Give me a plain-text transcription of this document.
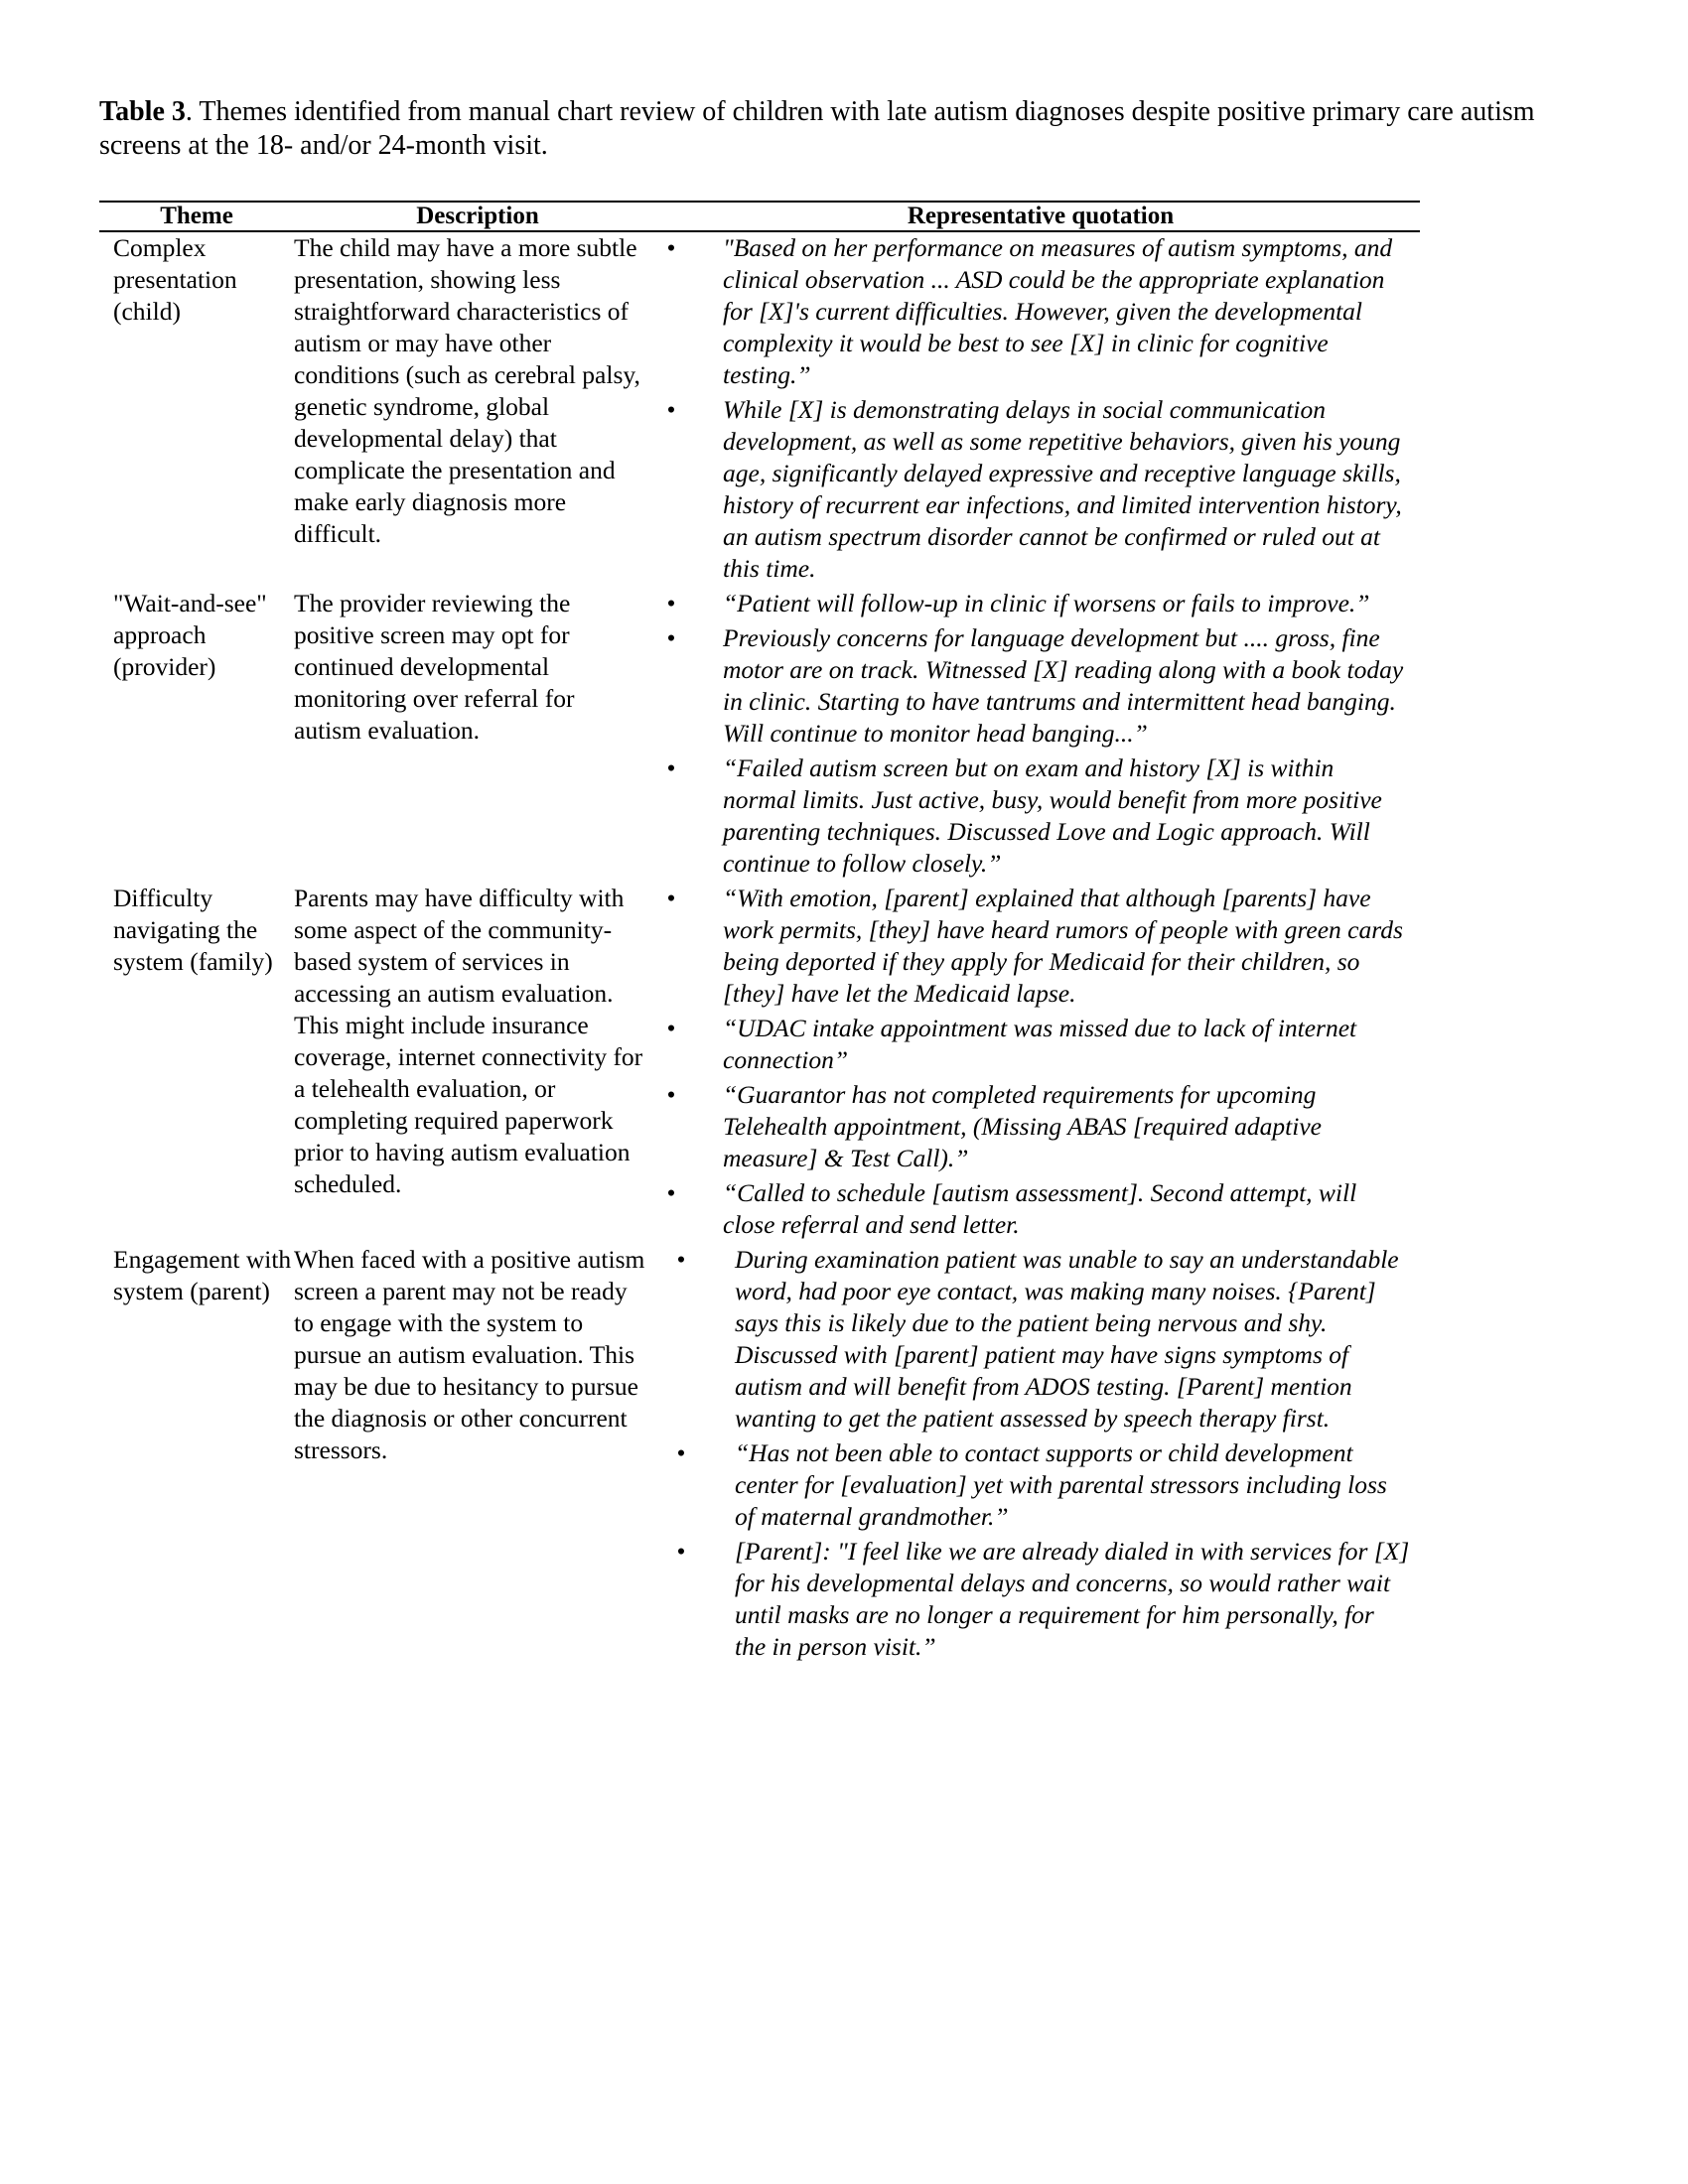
Table 3. Themes identified from manual chart review of children with late autism diagnoses despite positive primary care autism screens at the 18- and/or 24-month visit.
Theme	Description	Representative quotation
Complex presentation (child)
The child may have a more subtle presentation, showing less straightforward characteristics of autism or may have other conditions (such as cerebral palsy, genetic syndrome, global developmental delay) that complicate the presentation and make early diagnosis more difficult.
• "Based on her performance on measures of autism symptoms, and clinical observation ... ASD could be the appropriate explanation for [X]'s current difficulties. However, given the developmental complexity it would be best to see [X] in clinic for cognitive testing.”
• While [X] is demonstrating delays in social communication development, as well as some repetitive behaviors, given his young age, significantly delayed expressive and receptive language skills, history of recurrent ear infections, and limited intervention history, an autism spectrum disorder cannot be confirmed or ruled out at this time.
"Wait-and-see" approach (provider)
The provider reviewing the positive screen may opt for continued developmental monitoring over referral for autism evaluation.
• “Patient will follow-up in clinic if worsens or fails to improve.”
• Previously concerns for language development but .... gross, fine motor are on track. Witnessed [X] reading along with a book today in clinic. Starting to have tantrums and intermittent head banging. Will continue to monitor head banging...”
• “Failed autism screen but on exam and history [X] is within normal limits. Just active, busy, would benefit from more positive parenting techniques. Discussed Love and Logic approach. Will continue to follow closely.”
Difficulty navigating the system (family)
Parents may have difficulty with some aspect of the community-based system of services in accessing an autism evaluation. This might include insurance coverage, internet connectivity for a telehealth evaluation, or completing required paperwork prior to having autism evaluation scheduled.
• “With emotion, [parent] explained that although [parents] have work permits, [they] have heard rumors of people with green cards being deported if they apply for Medicaid for their children, so [they] have let the Medicaid lapse.
• “UDAC intake appointment was missed due to lack of internet connection”
• “Guarantor has not completed requirements for upcoming Telehealth appointment, (Missing ABAS [required adaptive measure] & Test Call).”
• “Called to schedule [autism assessment]. Second attempt, will close referral and send letter.
Engagement with system (parent)
When faced with a positive autism screen a parent may not be ready to engage with the system to pursue an autism evaluation. This may be due to hesitancy to pursue the diagnosis or other concurrent stressors.
• During examination patient was unable to say an understandable word, had poor eye contact, was making many noises. {Parent] says this is likely due to the patient being nervous and shy. Discussed with [parent] patient may have signs symptoms of autism and will benefit from ADOS testing. [Parent] mention wanting to get the patient assessed by speech therapy first.
• “Has not been able to contact supports or child development center for [evaluation] yet with parental stressors including loss of maternal grandmother.”
• [Parent]: "I feel like we are already dialed in with services for [X] for his developmental delays and concerns, so would rather wait until masks are no longer a requirement for him personally, for the in person visit.”
